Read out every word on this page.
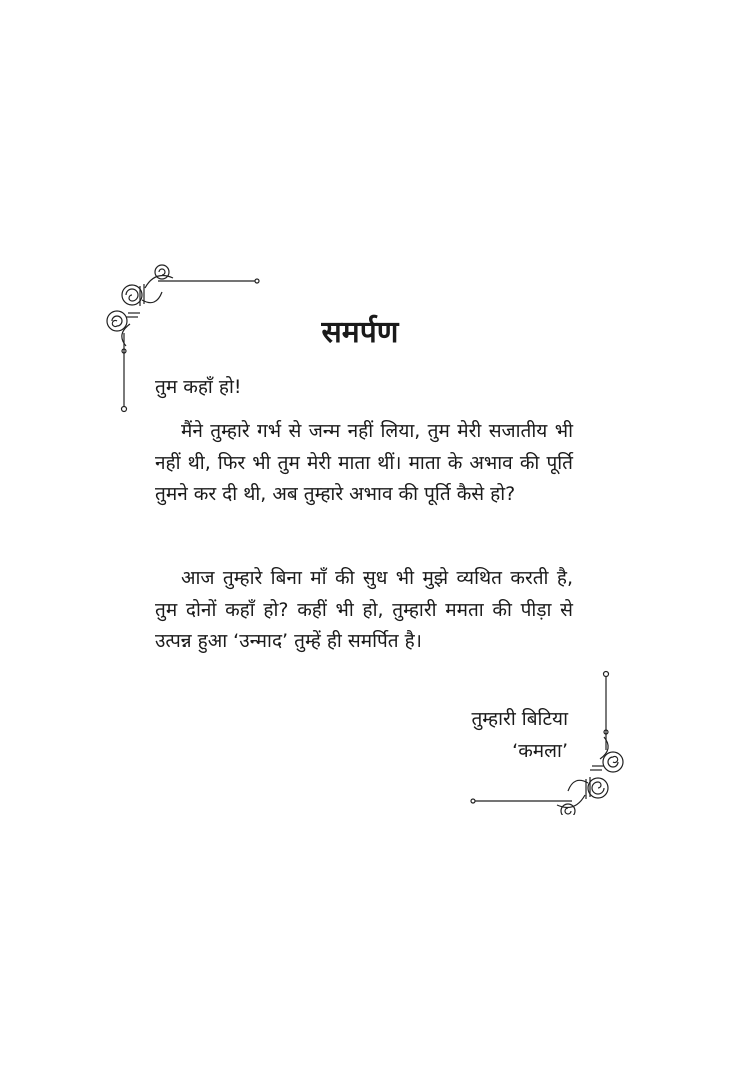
समर्पण

तुम कहाँ हो!

मैंने तुम्हारे गर्भ से जन्म नहीं लिया, तुम मेरी सजातीय भी नहीं थी, फिर भी तुम मेरी माता थीं। माता के अभाव की पूर्ति तुमने कर दी थी, अब तुम्हारे अभाव की पूर्ति कैसे हो?

आज तुम्हारे बिना माँ की सुध भी मुझे व्यथित करती है, तुम दोनों कहाँ हो? कहीं भी हो, तुम्हारी ममता की पीड़ा से उत्पन्न हुआ ‘उन्माद’ तुम्हें ही समर्पित है।

तुम्हारी बिटिया
‘कमला’
